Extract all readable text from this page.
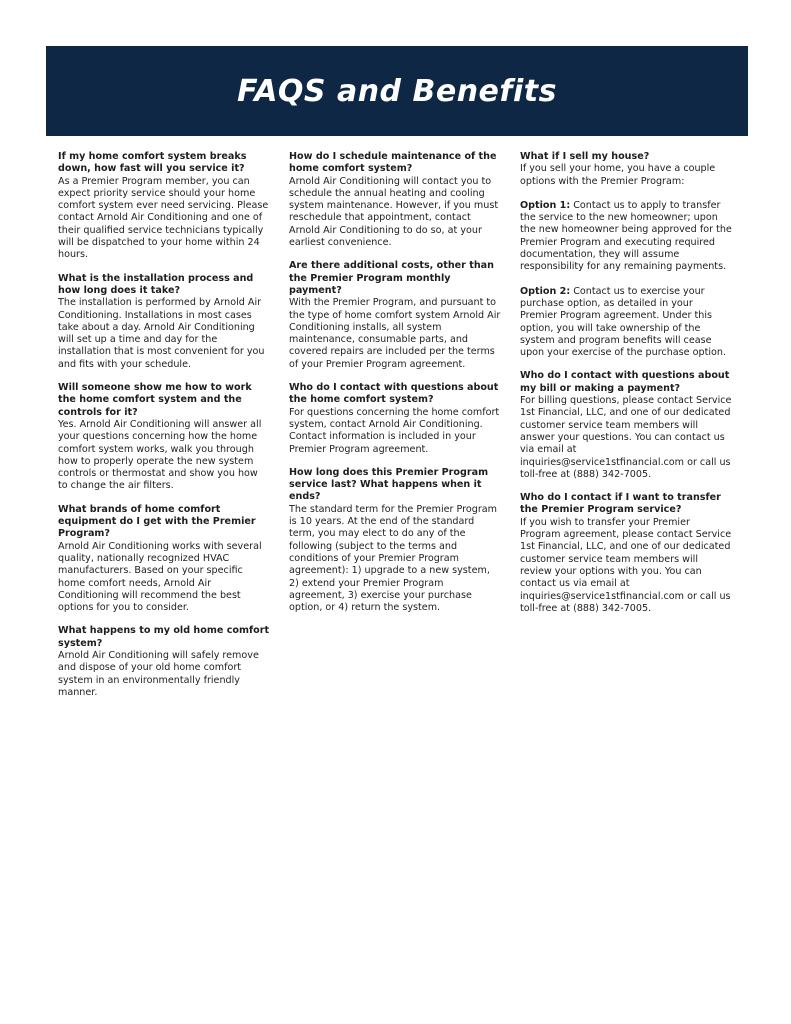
FAQS and Benefits

If my home comfort system breaks down, how fast will you service it?

As a Premier Program member, you can expect priority service should your home comfort system ever need servicing. Please contact Arnold Air Conditioning and one of their qualified service technicians typically will be dispatched to your home within 24 hours.

What is the installation process and how long does it take?

The installation is performed by Arnold Air Conditioning. Installations in most cases take about a day. Arnold Air Conditioning will set up a time and day for the installation that is most convenient for you and fits with your schedule.

Will someone show me how to work the home comfort system and the controls for it?

Yes. Arnold Air Conditioning will answer all your questions concerning how the home comfort system works, walk you through how to properly operate the new system controls or thermostat and show you how to change the air filters.

What brands of home comfort equipment do I get with the Premier Program?

Arnold Air Conditioning works with several quality, nationally recognized HVAC manufacturers. Based on your specific home comfort needs, Arnold Air Conditioning will recommend the best options for you to consider.

What happens to my old home comfort system?

Arnold Air Conditioning will safely remove and dispose of your old home comfort system in an environmentally friendly manner.

How do I schedule maintenance of the home comfort system?

Arnold Air Conditioning will contact you to schedule the annual heating and cooling system maintenance. However, if you must reschedule that appointment, contact Arnold Air Conditioning to do so, at your earliest convenience.

Are there additional costs, other than the Premier Program monthly payment?

With the Premier Program, and pursuant to the type of home comfort system Arnold Air Conditioning installs, all system maintenance, consumable parts, and covered repairs are included per the terms of your Premier Program agreement.

Who do I contact with questions about the home comfort system?

For questions concerning the home comfort system, contact Arnold Air Conditioning. Contact information is included in your Premier Program agreement.

How long does this Premier Program service last? What happens when it ends?

The standard term for the Premier Program is 10 years. At the end of the standard term, you may elect to do any of the following (subject to the terms and conditions of your Premier Program agreement): 1) upgrade to a new system, 2) extend your Premier Program agreement, 3) exercise your purchase option, or 4) return the system.

What if I sell my house?

If you sell your home, you have a couple options with the Premier Program:

Option 1: Contact us to apply to transfer the service to the new homeowner; upon the new homeowner being approved for the Premier Program and executing required documentation, they will assume responsibility for any remaining payments.

Option 2: Contact us to exercise your purchase option, as detailed in your Premier Program agreement. Under this option, you will take ownership of the system and program benefits will cease upon your exercise of the purchase option.

Who do I contact with questions about my bill or making a payment?

For billing questions, please contact Service 1st Financial, LLC, and one of our dedicated customer service team members will answer your questions. You can contact us via email at inquiries@service1stfinancial.com or call us toll-free at (888) 342-7005.

Who do I contact if I want to transfer the Premier Program service?

If you wish to transfer your Premier Program agreement, please contact Service 1st Financial, LLC, and one of our dedicated customer service team members will review your options with you. You can contact us via email at inquiries@service1stfinancial.com or call us toll-free at (888) 342-7005.
